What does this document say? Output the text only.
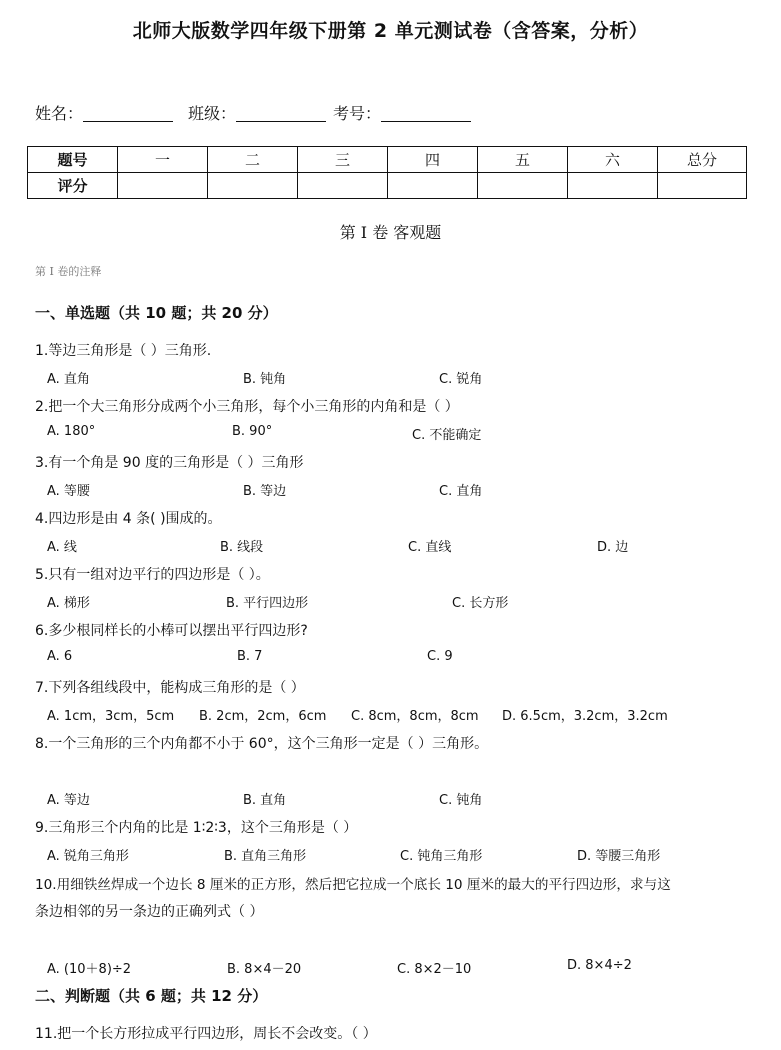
北师大版数学四年级下册第 2 单元测试卷（含答案，分析）
姓名：	班级：	考号：
题号	一	二	三	四	五	六	总分
评分							
第 I 卷 客观题
第 I 卷的注释
一、单选题（共 10 题；共 20 分）
1.等边三角形是（ ）三角形.
A. 直角	B. 钝角	C. 锐角
2.把一个大三角形分成两个小三角形，每个小三角形的内角和是（ ）
A. 180°	B. 90°	C. 不能确定
3.有一个角是 90 度的三角形是（ ）三角形
A. 等腰	B. 等边	C. 直角
4.四边形是由 4 条( )围成的。
A. 线	B. 线段	C. 直线	D. 边
5.只有一组对边平行的四边形是（ ）。
A. 梯形	B. 平行四边形	C. 长方形
6.多少根同样长的小棒可以摆出平行四边形?
A. 6	B. 7	C. 9
7.下列各组线段中，能构成三角形的是（ ）
A. 1cm，3cm，5cm B. 2cm，2cm，6cm C. 8cm，8cm，8cm D. 6.5cm，3.2cm，3.2cm
8.一个三角形的三个内角都不小于 60°，这个三角形一定是（ ）三角形。
A. 等边	B. 直角	C. 钝角
9.三角形三个内角的比是 1∶2∶3，这个三角形是（ ）
A. 锐角三角形	B. 直角三角形	C. 钝角三角形	D. 等腰三角形
10.用细铁丝焊成一个边长 8 厘米的正方形，然后把它拉成一个底长 10 厘米的最大的平行四边形，求与这
条边相邻的另一条边的正确列式（ ）
A. (10＋8)÷2	B. 8×4－20	C. 8×2－10	D. 8×4÷2
二、判断题（共 6 题；共 12 分）
11.把一个长方形拉成平行四边形，周长不会改变。（ ）
